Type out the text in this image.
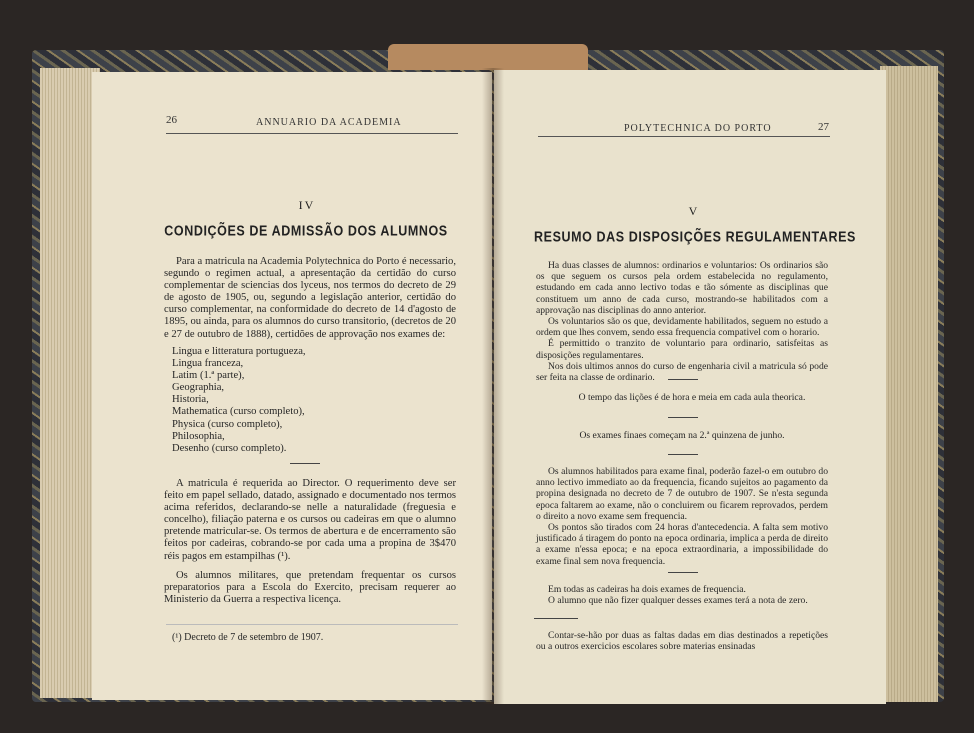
26	ANNUARIO DA ACADEMIA
IV
CONDIÇÕES DE ADMISSÃO DOS ALUMNOS

Para a matricula na Academia Polytechnica do Porto é necessario, segundo o regimen actual, a apresentação da certidão do curso complementar de sciencias dos lyceus, nos termos do decreto de 29 de agosto de 1905, ou, segundo a legislação anterior, certidão do curso complementar, na conformidade do decreto de 14 d'agosto de 1895, ou ainda, para os alumnos do curso transitorio, (decretos de 20 e 27 de outubro de 1888), certidões de approvação nos exames de:

Lingua e litteratura portugueza,
Lingua franceza,
Latim (1.ª parte),
Geographia,
Historia,
Mathematica (curso completo),
Physica (curso completo),
Philosophia,
Desenho (curso completo).

A matricula é requerida ao Director. O requerimento deve ser feito em papel sellado, datado, assignado e documentado nos termos acima referidos, declarando-se nelle a naturalidade (freguesia e concelho), filiação paterna e os cursos ou cadeiras em que o alumno pretende matricular-se. Os termos de abertura e de encerramento são feitos por cadeiras, cobrando-se por cada uma a propina de 3$470 réis pagos em estampilhas (¹).

Os alumnos militares, que pretendam frequentar os cursos preparatorios para a Escola do Exercito, precisam requerer ao Ministerio da Guerra a respectiva licença.

(¹) Decreto de 7 de setembro de 1907.
POLYTECHNICA DO PORTO	27
V
RESUMO DAS DISPOSIÇÕES REGULAMENTARES

Ha duas classes de alumnos: ordinarios e voluntarios: Os ordinarios são os que seguem os cursos pela ordem estabelecida no regulamento, estudando em cada anno lectivo todas e tão sómente as disciplinas que constituem um anno de cada curso, mostrando-se habilitados com a approvação nas disciplinas do anno anterior.

Os voluntarios são os que, devidamente habilitados, seguem no estudo a ordem que lhes convem, sendo essa frequencia compativel com o horario.

É permittido o tranzito de voluntario para ordinario, satisfeitas as disposições regulamentares.

Nos dois ultimos annos do curso de engenharia civil a matricula só pode ser feita na classe de ordinario.

O tempo das lições é de hora e meia em cada aula theorica.
Os exames finaes começam na 2.ª quinzena de junho.

Os alumnos habilitados para exame final, poderão fazel-o em outubro do anno lectivo immediato ao da frequencia, ficando sujeitos ao pagamento da propina designada no decreto de 7 de outubro de 1907. Se n'esta segunda epoca faltarem ao exame, não o concluirem ou ficarem reprovados, perdem o direito a novo exame sem frequencia.

Os pontos são tirados com 24 horas d'antecedencia. A falta sem motivo justificado á tiragem do ponto na epoca ordinaria, implica a perda de direito a exame n'essa epoca; e na epoca extraordinaria, a impossibilidade do exame final sem nova frequencia.

Em todas as cadeiras ha dois exames de frequencia.

O alumno que não fizer qualquer desses exames terá a nota de zero.

Contar-se-hão por duas as faltas dadas em dias destinados a repetições ou a outros exercicios escolares sobre materias ensinadas
